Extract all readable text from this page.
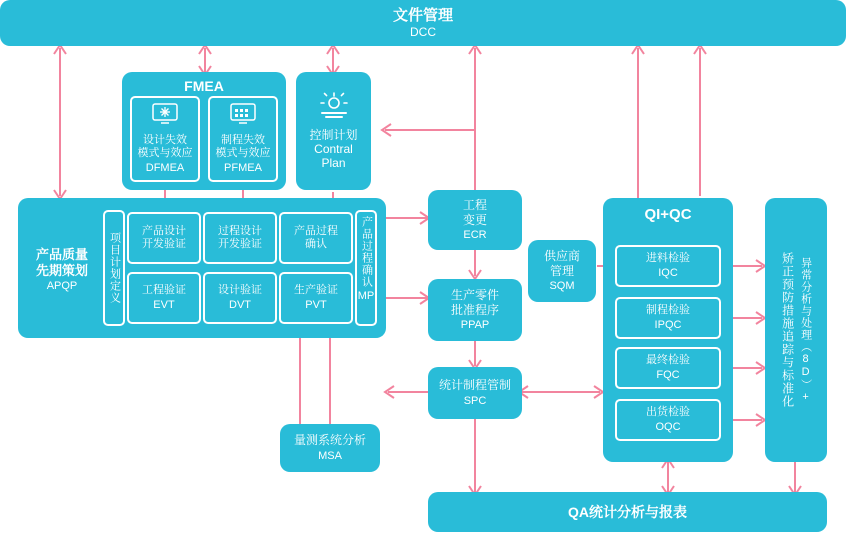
文件管理
DCC
FMEA
设计失效
模式与效应
DFMEA
制程失效
模式与效应
PFMEA
控制计划
Contral
Plan
产品质量
先期策划
APQP	项目计划定义
产品设计
开发验证
过程设计
开发验证
产品过程
确认
工程验证
EVT
设计验证
DVT
生产验证
PVT
产品过程确认
MP
工程
变更
ECR
生产零件
批准程序
PPAP
统计制程管制
SPC
量测系统分析
MSA
供应商
管理
SQM
QI+QC
进料检验
IQC
制程检验
IPQC
最终检验
FQC
出货检验
OQC
矫正预防措施追踪与标准化 异常分析与处理（8D）+
QA统计分析与报表
